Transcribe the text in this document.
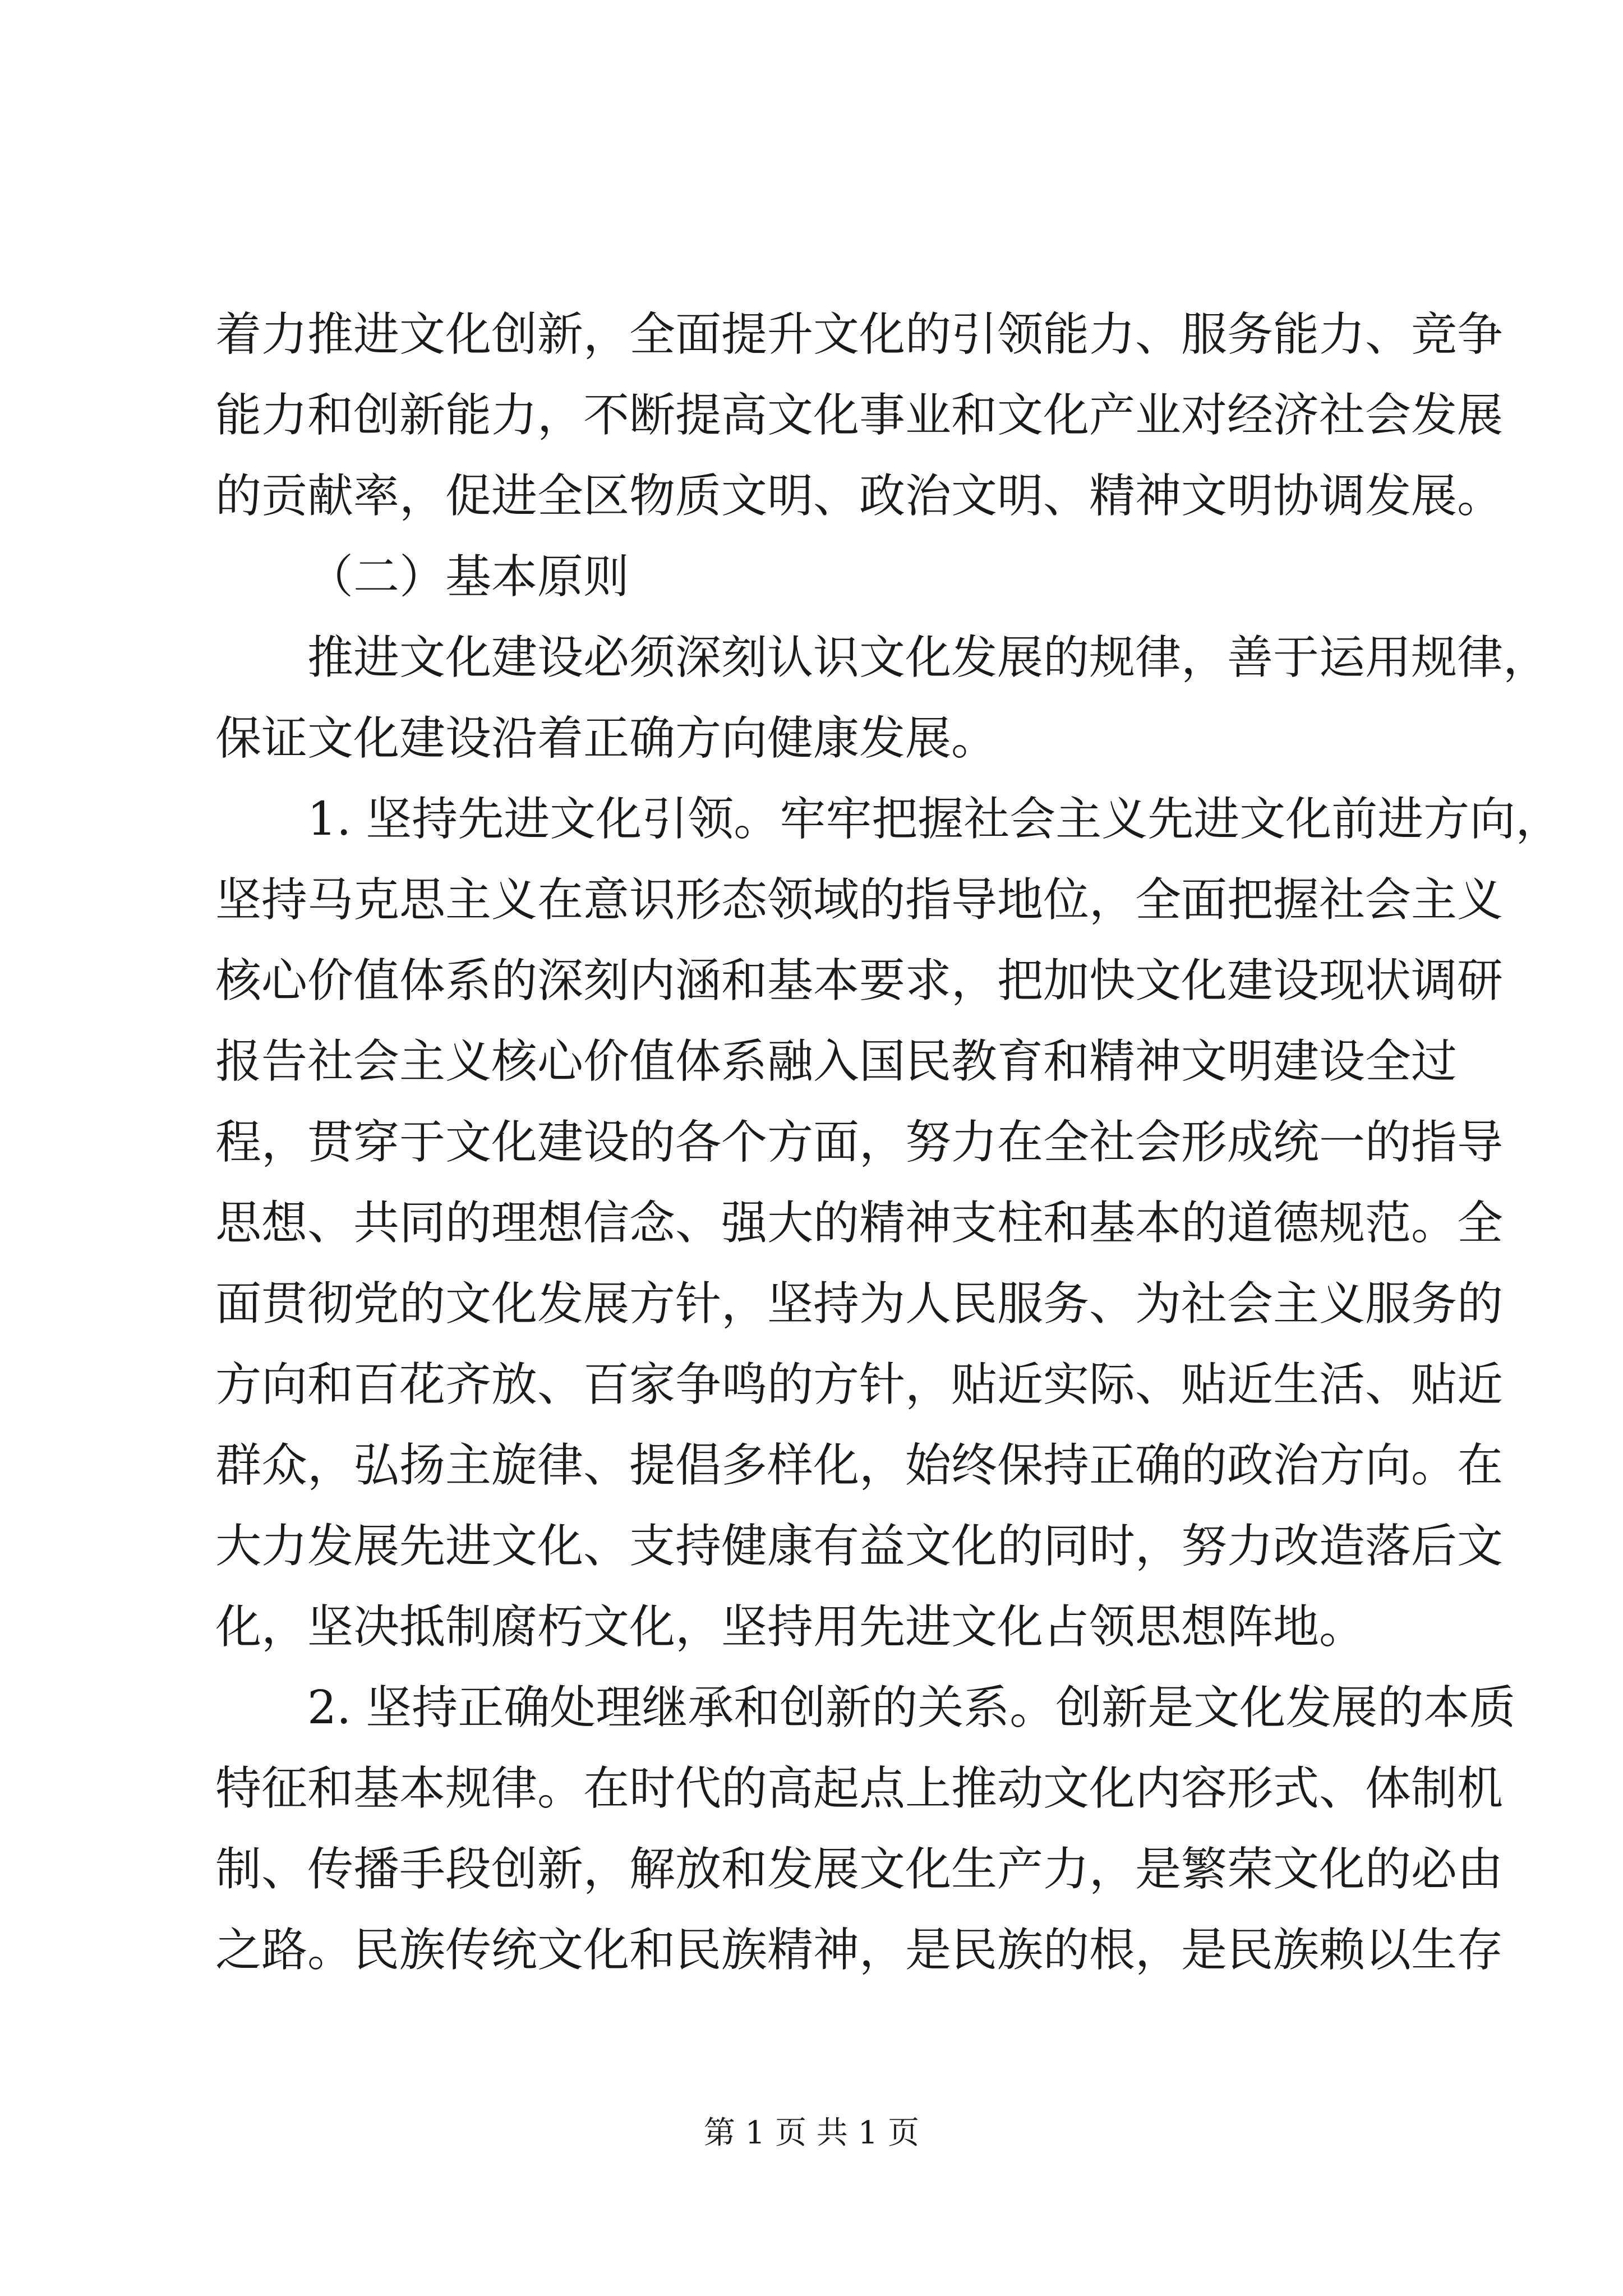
着力推进文化创新，全面提升文化的引领能力、服务能力、竞争
能力和创新能力，不断提高文化事业和文化产业对经济社会发展
的贡献率，促进全区物质文明、政治文明、精神文明协调发展。
（二）基本原则
推进文化建设必须深刻认识文化发展的规律，善于运用规律，
保证文化建设沿着正确方向健康发展。
1. 坚持先进文化引领。牢牢把握社会主义先进文化前进方向，
坚持马克思主义在意识形态领域的指导地位，全面把握社会主义
核心价值体系的深刻内涵和基本要求，把加快文化建设现状调研
报告社会主义核心价值体系融入国民教育和精神文明建设全过
程，贯穿于文化建设的各个方面，努力在全社会形成统一的指导
思想、共同的理想信念、强大的精神支柱和基本的道德规范。全
面贯彻党的文化发展方针，坚持为人民服务、为社会主义服务的
方向和百花齐放、百家争鸣的方针，贴近实际、贴近生活、贴近
群众，弘扬主旋律、提倡多样化，始终保持正确的政治方向。在
大力发展先进文化、支持健康有益文化的同时，努力改造落后文
化，坚决抵制腐朽文化，坚持用先进文化占领思想阵地。
2. 坚持正确处理继承和创新的关系。创新是文化发展的本质
特征和基本规律。在时代的高起点上推动文化内容形式、体制机
制、传播手段创新，解放和发展文化生产力，是繁荣文化的必由
之路。民族传统文化和民族精神，是民族的根，是民族赖以生存
第 1 页 共 1 页
